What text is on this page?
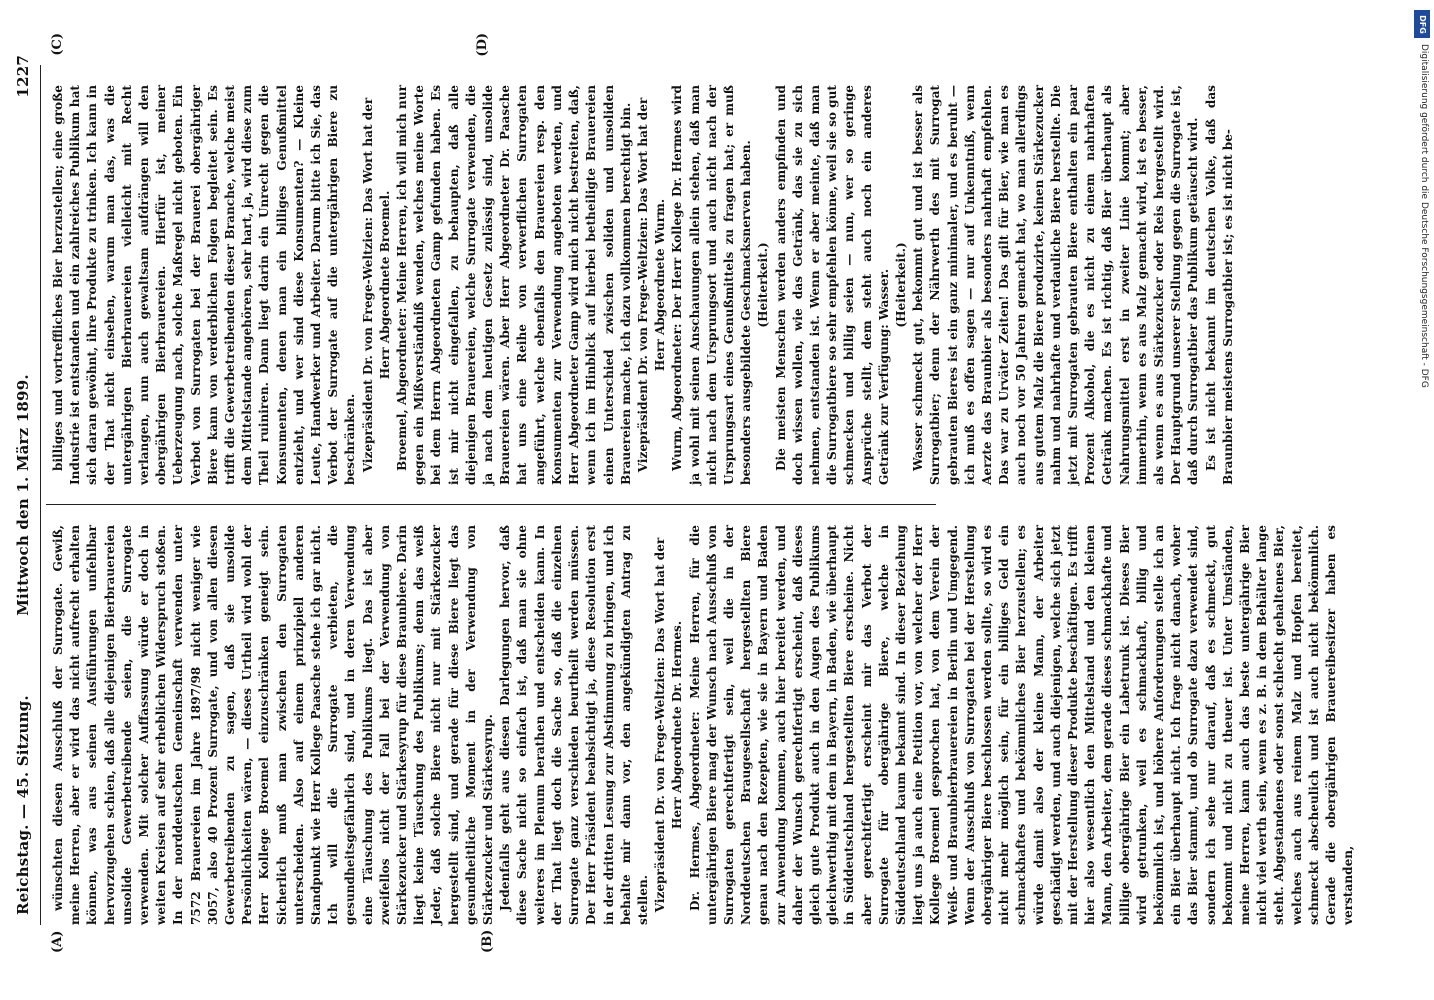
Reichstag. — 45. Sitzung.
Mittwoch den 1. März 1899.
1227
(A)	(B)
(C)	(D)

wünschten diesen Ausschluß der Surrogate. Gewiß, meine Herren, aber er wird das nicht aufrecht erhalten können, was aus seinen Ausführungen unfehlbar hervorzugehen schien, daß alle diejenigen Bierbrauereien unsolide Gewerbetreibende seien, die Surrogate verwenden. Mit solcher Auffassung würde er doch in weiten Kreisen auf sehr erheblichen Widerspruch stoßen. In der norddeutschen Gemeinschaft verwenden unter 7572 Brauereien im Jahre 1897/98 nicht weniger wie 3057, also 40 Prozent Surrogate, und von allen diesen Gewerbetreibenden zu sagen, daß sie unsolide Persönlichkeiten wären, — dieses Urtheil wird wohl der Herr Kollege Broemel einzuschränken geneigt sein. Sicherlich muß man zwischen den Surrogaten unterscheiden. Also auf einem prinzipiell anderen Standpunkt wie Herr Kollege Paasche stehe ich gar nicht. Ich will die Surrogate verbieten, die gesundheitsgefährlich sind, und in deren Verwendung eine Täuschung des Publikums liegt. Das ist aber zweifellos nicht der Fall bei der Verwendung von Stärkezucker und Stärkesyrup für diese Braunbiere. Darin liegt keine Täuschung des Publikums; denn das weiß Jeder, daß solche Biere nicht nur mit Stärkezucker hergestellt sind, und gerade für diese Biere liegt das gesundheitliche Moment in der Verwendung von Stärkezucker und Stärkesyrup. Jedenfalls geht aus diesen Darlegungen hervor, daß diese Sache nicht so einfach ist, daß man sie ohne weiteres im Plenum berathen und entscheiden kann. In der That liegt doch die Sache so, daß die einzelnen Surrogate ganz verschieden beurtheilt werden müssen. Der Herr Präsident beabsichtigt ja, diese Resolution erst in der dritten Lesung zur Abstimmung zu bringen, und ich behalte mir dann vor, den angekündigten Antrag zu stellen. Vizepräsident Dr. von Frege-Weltzien: Das Wort hat der Herr Abgeordnete Dr. Hermes. Dr. Hermes, Abgeordneter: Meine Herren, für die untergährigen Biere mag der Wunsch nach Ausschluß von Surrogaten gerechtfertigt sein, weil die in der Norddeutschen Braugesellschaft hergestellten Biere genau nach den Rezepten, wie sie in Bayern und Baden zur Anwendung kommen, auch hier bereitet werden, und daher der Wunsch gerechtfertigt erscheint, daß dieses gleich gute Produkt auch in den Augen des Publikums gleichwerthig mit dem in Bayern, in Baden, wie überhaupt in Süddeutschland hergestellten Biere erscheine. Nicht aber gerechtfertigt erscheint mir das Verbot der Surrogate für obergährige Biere, welche in Süddeutschland kaum bekannt sind. In dieser Beziehung liegt uns ja auch eine Petition vor, von welcher der Herr Kollege Broemel gesprochen hat, von dem Verein der Weiß- und Braunbierbrauereien in Berlin und Umgegend. Wenn der Ausschluß von Surrogaten bei der Herstellung obergähriger Biere beschlossen werden sollte, so wird es nicht mehr möglich sein, für ein billiges Geld ein schmackhaftes und bekömmliches Bier herzustellen; es würde damit also der kleine Mann, der Arbeiter geschädigt werden, und auch diejenigen, welche sich jetzt mit der Herstellung dieser Produkte beschäftigen. Es trifft hier also wesentlich den Mittelstand und den kleinen Mann, den Arbeiter, dem gerade dieses schmackhafte und billige obergährige Bier ein Labetrunk ist. Dieses Bier wird getrunken, weil es schmackhaft, billig und bekömmlich ist, und höhere Anforderungen stelle ich an ein Bier überhaupt nicht. Ich frage nicht danach, woher das Bier stammt, und ob Surrogate dazu verwendet sind, sondern ich sehe nur darauf, daß es schmeckt, gut bekommt und nicht zu theuer ist. Unter Umständen, meine Herren, kann auch das beste untergährige Bier nicht viel werth sein, wenn es z. B. in dem Behälter lange steht. Abgestandenes oder sonst schlecht gehaltenes Bier, welches auch aus reinem Malz und Hopfen bereitet, schmeckt abscheulich und ist auch nicht bekömmlich. Gerade die obergährigen Brauereibesitzer haben es verstanden,

billiges und vortreffliches Bier herzustellen; eine große Industrie ist entstanden und ein zahlreiches Publikum hat sich daran gewöhnt, ihre Produkte zu trinken. Ich kann in der That nicht einsehen, warum man das, was die untergährigen Bierbrauereien vielleicht mit Recht verlangen, nun auch gewaltsam aufdrängen will den obergährigen Bierbrauereien. Hierfür ist, meiner Ueberzeugung nach, solche Maßregel nicht geboten. Ein Verbot von Surrogaten bei der Brauerei obergähriger Biere kann von verderblichen Folgen begleitet sein. Es trifft die Gewerbetreibenden dieser Branche, welche meist dem Mittelstande angehören, sehr hart, ja, wird diese zum Theil ruiniren. Dann liegt darin ein Unrecht gegen die Konsumenten, denen man ein billiges Genußmittel entzieht, und wer sind diese Konsumenten? — Kleine Leute, Handwerker und Arbeiter. Darum bitte ich Sie, das Verbot der Surrogate auf die untergährigen Biere zu beschränken. Vizepräsident Dr. von Frege-Weltzien: Das Wort hat der Herr Abgeordnete Broemel. Broemel, Abgeordneter: Meine Herren, ich will mich nur gegen ein Mißverständniß wenden, welches meine Worte bei dem Herrn Abgeordneten Gamp gefunden haben. Es ist mir nicht eingefallen, zu behaupten, daß alle diejenigen Brauereien, welche Surrogate verwenden, die ja nach dem heutigen Gesetz zulässig sind, unsolide Brauereien wären. Aber Herr Abgeordneter Dr. Paasche hat uns eine Reihe von verwerflichen Surrogaten angeführt, welche ebenfalls den Brauereien resp. den Konsumenten zur Verwendung angeboten werden, und Herr Abgeordneter Gamp wird mich nicht bestreiten, daß, wenn ich im Hinblick auf hierbei betheiligte Brauereien einen Unterschied zwischen soliden und unsoliden Brauereien mache, ich dazu vollkommen berechtigt bin. Vizepräsident Dr. von Frege-Weltzien: Das Wort hat der Herr Abgeordnete Wurm. Wurm, Abgeordneter: Der Herr Kollege Dr. Hermes wird ja wohl mit seinen Anschauungen allein stehen, daß man nicht nach dem Ursprungsort und auch nicht nach der Ursprungsart eines Genußmittels zu fragen hat; er muß besonders ausgebildete Geschmacksnerven haben. (Heiterkeit.) Die meisten Menschen werden anders empfinden und doch wissen wollen, wie das Getränk, das sie zu sich nehmen, entstanden ist. Wenn er aber meinte, daß man die Surrogatbiere so sehr empfehlen könne, weil sie so gut schmecken und billig seien — nun, wer so geringe Ansprüche stellt, dem steht auch noch ein anderes Getränk zur Verfügung: Wasser. (Heiterkeit.) Wasser schmeckt gut, bekommt gut und ist besser als Surrogatbier; denn der Nährwerth des mit Surrogat gebrauten Bieres ist ein ganz minimaler, und es beruht — ich muß es offen sagen — nur auf Unkenntniß, wenn Aerzte das Braunbier als besonders nahrhaft empfehlen. Das war zu Urväter Zeiten! Das gilt für Bier, wie man es auch noch vor 50 Jahren gemacht hat, wo man allerdings aus gutem Malz die Biere produzirte, keinen Stärkezucker nahm und nahrhafte und verdauliche Biere herstellte. Die jetzt mit Surrogaten gebrauten Biere enthalten ein paar Prozent Alkohol, die es nicht zu einem nahrhaften Getränk machen. Es ist richtig, daß Bier überhaupt als Nahrungsmittel erst in zweiter Linie kommt; aber immerhin, wenn es aus Malz gemacht wird, ist es besser, als wenn es aus Stärkezucker oder Reis hergestellt wird. Der Hauptgrund unserer Stellung gegen die Surrogate ist, daß durch Surrogatbier das Publikum getäuscht wird. Es ist nicht bekannt im deutschen Volke, daß das Braunbier meistens Surrogatbier ist; es ist nicht be-

DFG
Digitalisierung gefördert durch die Deutsche Forschungsgemeinschaft - DFG
